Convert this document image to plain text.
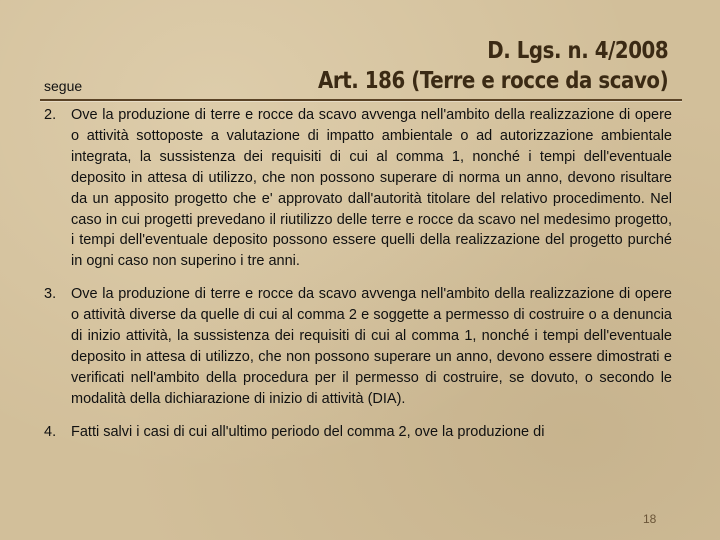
segue
D. Lgs. n. 4/2008
Art. 186 (Terre e rocce da scavo)
2. Ove la produzione di terre e rocce da scavo avvenga nell'ambito della realizzazione di opere o attività sottoposte a valutazione di impatto ambientale o ad autorizzazione ambientale integrata, la sussistenza dei requisiti di cui al comma 1, nonché i tempi dell'eventuale deposito in attesa di utilizzo, che non possono superare di norma un anno, devono risultare da un apposito progetto che e' approvato dall'autorità titolare del relativo procedimento. Nel caso in cui progetti prevedano il riutilizzo delle terre e rocce da scavo nel medesimo progetto, i tempi dell'eventuale deposito possono essere quelli della realizzazione del progetto purché in ogni caso non superino i tre anni.
3. Ove la produzione di terre e rocce da scavo avvenga nell'ambito della realizzazione di opere o attività diverse da quelle di cui al comma 2 e soggette a permesso di costruire o a denuncia di inizio attività, la sussistenza dei requisiti di cui al comma 1, nonché i tempi dell'eventuale deposito in attesa di utilizzo, che non possono superare un anno, devono essere dimostrati e verificati nell'ambito della procedura per il permesso di costruire, se dovuto, o secondo le modalità della dichiarazione di inizio di attività (DIA).
4. Fatti salvi i casi di cui all'ultimo periodo del comma 2, ove la produzione di
18
